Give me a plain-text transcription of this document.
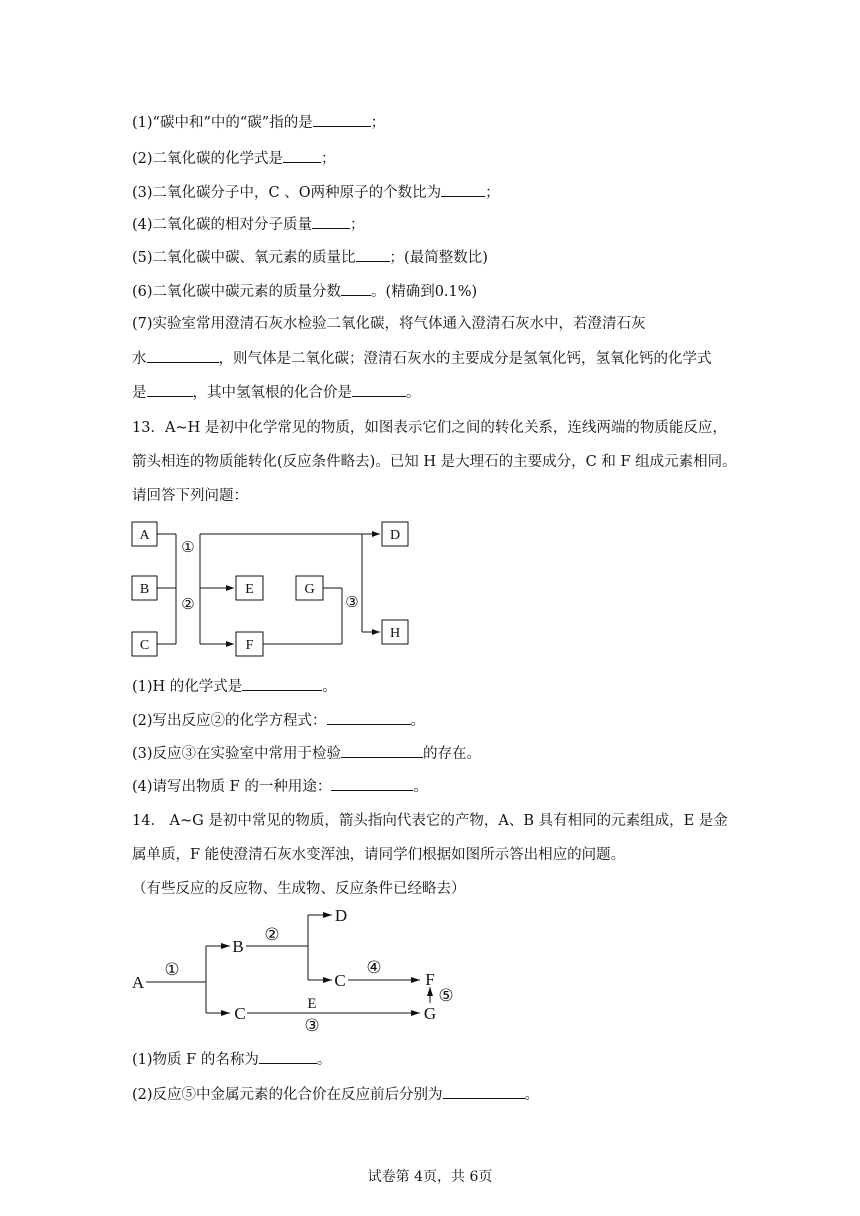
(1)“碳中和”中的“碳”指的是	；
(2)二氧化碳的化学式是	；
(3)二氧化碳分子中，C 、O两种原子的个数比为	；
(4)二氧化碳的相对分子质量	；
(5)二氧化碳中碳、氧元素的质量比 ；(最简整数比)
(6)二氧化碳中碳元素的质量分数 。(精确到0.1%)
(7)实验室常用澄清石灰水检验二氧化碳，将气体通入澄清石灰水中，若澄清石灰
水	，则气体是二氧化碳；澄清石灰水的主要成分是氢氧化钙，氢氧化钙的化学式
是	，其中氢氧根的化合价是	。
13．A~H 是初中化学常见的物质，如图表示它们之间的转化关系，连线两端的物质能反应，
箭头相连的物质能转化(反应条件略去)。已知 H 是大理石的主要成分，C 和 F 组成元素相同。
请回答下列问题：
A
B
C
D
E
F
G
H
①
②	③
(1)H 的化学式是	。
(2)写出反应②的化学方程式：	。
(3)反应③在实验室中常用于检验	的存在。
(4)请写出物质 F 的一种用途：	。
14． A~G 是初中常见的物质，箭头指向代表它的产物，A、B 具有相同的元素组成，E 是金
属单质，F 能使澄清石灰水变浑浊，请同学们根据如图所示答出相应的问题。
（有些反应的反应物、生成物、反应条件已经略去）
A
B
C
D
C	F
G
E
①
②
③
④
⑤
(1)物质 F 的名称为	。
(2)反应⑤中金属元素的化合价在反应前后分别为	。
试卷第 4页，共 6页
